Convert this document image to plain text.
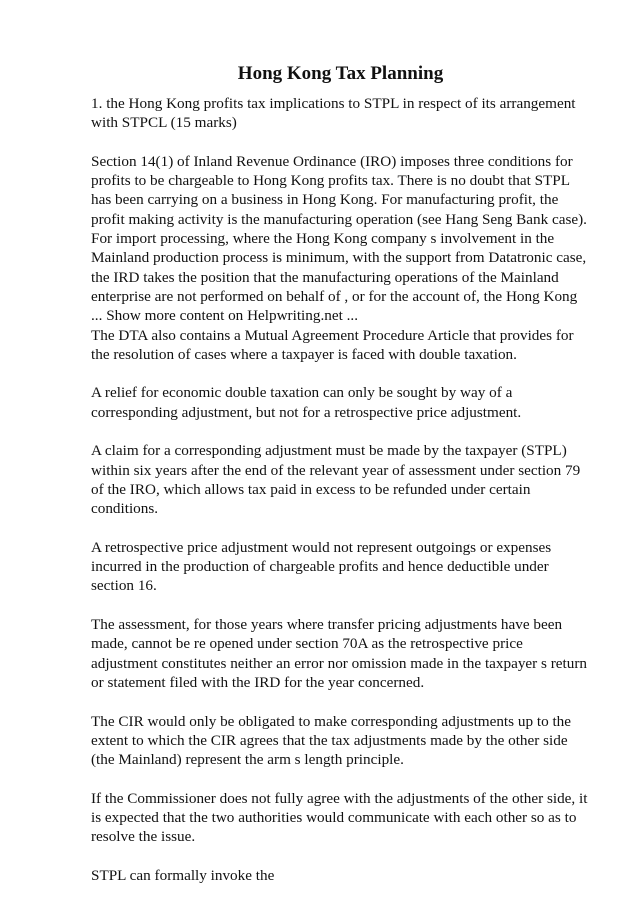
Hong Kong Tax Planning

1. the Hong Kong profits tax implications to STPL in respect of its arrangement with STPCL (15 marks)

Section 14(1) of Inland Revenue Ordinance (IRO) imposes three conditions for profits to be chargeable to Hong Kong profits tax. There is no doubt that STPL has been carrying on a business in Hong Kong. For manufacturing profit, the profit making activity is the manufacturing operation (see Hang Seng Bank case). For import processing, where the Hong Kong company s involvement in the Mainland production process is minimum, with the support from Datatronic case, the IRD takes the position that the manufacturing operations of the Mainland enterprise are not performed on behalf of , or for the account of, the Hong Kong ... Show more content on Helpwriting.net ...

The DTA also contains a Mutual Agreement Procedure Article that provides for the resolution of cases where a taxpayer is faced with double taxation.

A relief for economic double taxation can only be sought by way of a corresponding adjustment, but not for a retrospective price adjustment.

A claim for a corresponding adjustment must be made by the taxpayer (STPL) within six years after the end of the relevant year of assessment under section 79 of the IRO, which allows tax paid in excess to be refunded under certain conditions.

A retrospective price adjustment would not represent outgoings or expenses incurred in the production of chargeable profits and hence deductible under section 16.

The assessment, for those years where transfer pricing adjustments have been made, cannot be re opened under section 70A as the retrospective price adjustment constitutes neither an error nor omission made in the taxpayer s return or statement filed with the IRD for the year concerned.

The CIR would only be obligated to make corresponding adjustments up to the extent to which the CIR agrees that the tax adjustments made by the other side (the Mainland) represent the arm s length principle.

If the Commissioner does not fully agree with the adjustments of the other side, it is expected that the two authorities would communicate with each other so as to resolve the issue.

STPL can formally invoke the
